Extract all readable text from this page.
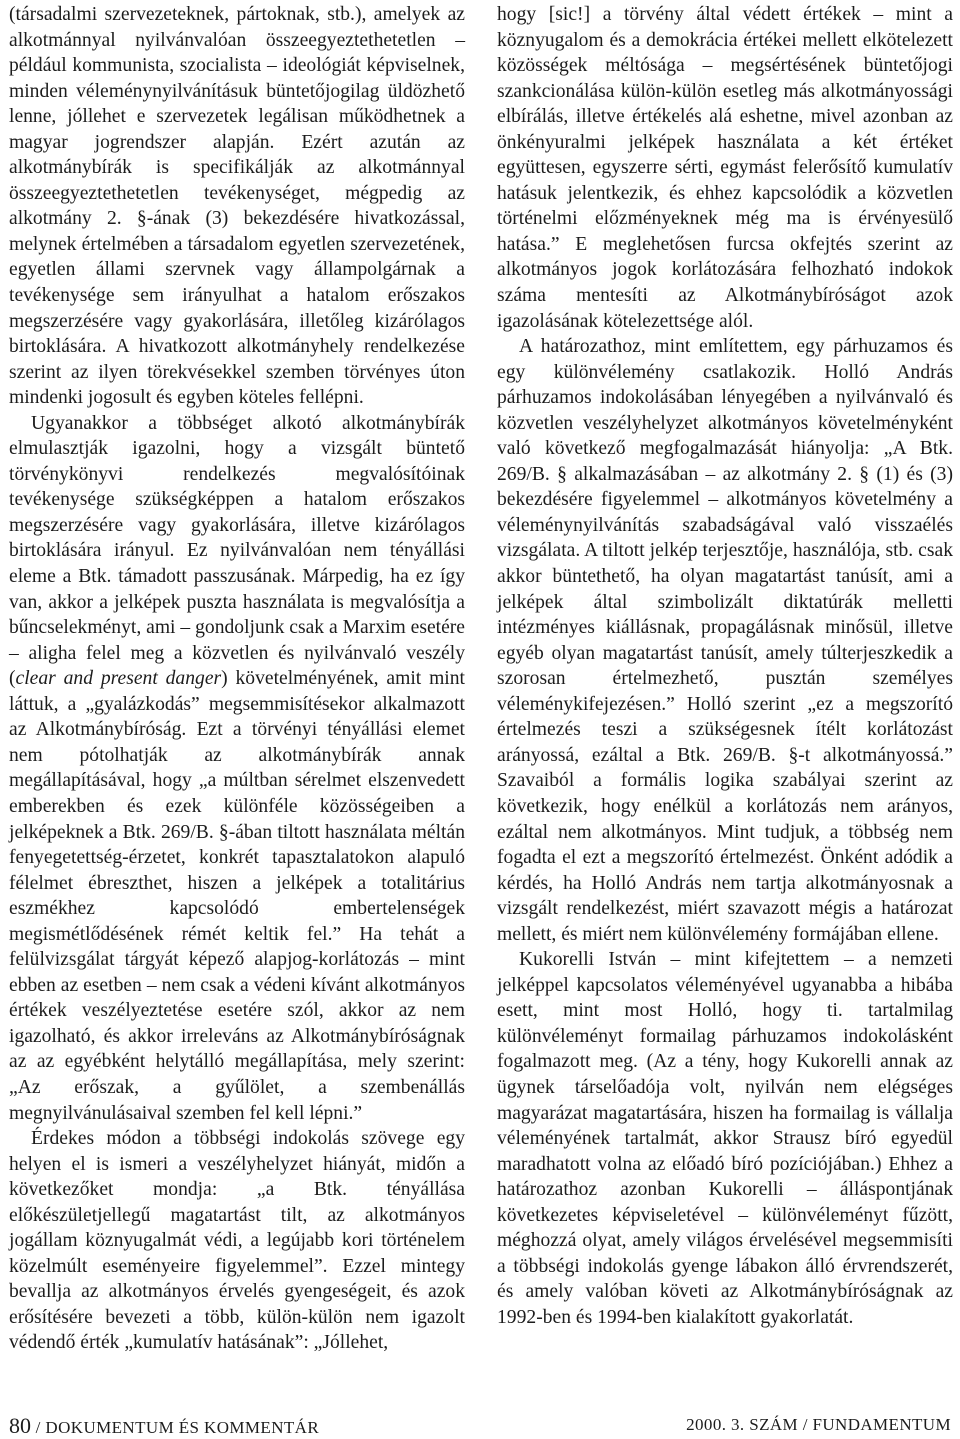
(társadalmi szervezeteknek, pártoknak, stb.), amelyek az alkotmánnyal nyilvánvalóan összeegyeztethetetlen – például kommunista, szocialista – ideológiát képviselnek, minden véleménynyilvánításuk büntetőjogilag üldözhető lenne, jóllehet e szervezetek legálisan működhetnek a magyar jogrendszer alapján. Ezért azután az alkotmánybírák is specifikálják az alkotmánnyal összeegyeztethetetlen tevékenységet, mégpedig az alkotmány 2. §-ának (3) bekezdésére hivatkozással, melynek értelmében a társadalom egyetlen szervezetének, egyetlen állami szervnek vagy állampolgárnak a tevékenysége sem irányulhat a hatalom erőszakos megszerzésére vagy gyakorlására, illetőleg kizárólagos birtoklására. A hivatkozott alkotmányhely rendelkezése szerint az ilyen törekvésekkel szemben törvényes úton mindenki jogosult és egyben köteles fellépni.

Ugyanakkor a többséget alkotó alkotmánybírák elmulasztják igazolni, hogy a vizsgált büntető törvénykönyvi rendelkezés megvalósítóinak tevékenysége szükségképpen a hatalom erőszakos megszerzésére vagy gyakorlására, illetve kizárólagos birtoklására irányul. Ez nyilvánvalóan nem tényállási eleme a Btk. támadott passzusának. Márpedig, ha ez így van, akkor a jelképek puszta használata is megvalósítja a bűncselekményt, ami – gondoljunk csak a Marxim esetére – aligha felel meg a közvetlen és nyilvánvaló veszély (clear and present danger) követelményének, amit mint láttuk, a „gyalázkodás” megsemmisítésekor alkalmazott az Alkotmánybíróság. Ezt a törvényi tényállási elemet nem pótolhatják az alkotmánybírák annak megállapításával, hogy „a múltban sérelmet elszenvedett emberekben és ezek különféle közösségeiben a jelképeknek a Btk. 269/B. §-ában tiltott használata méltán fenyegetettség-érzetet, konkrét tapasztalatokon alapuló félelmet ébreszthet, hiszen a jelképek a totalitárius eszmékhez kapcsolódó embertelenségek megismétlődésének rémét keltik fel.” Ha tehát a felülvizsgálat tárgyát képező alapjog-korlátozás – mint ebben az esetben – nem csak a védeni kívánt alkotmányos értékek veszélyeztetése esetére szól, akkor az nem igazolható, és akkor irreleváns az Alkotmánybíróságnak az az egyébként helytálló megállapítása, mely szerint: „Az erőszak, a gyűlölet, a szembenállás megnyilvánulásaival szemben fel kell lépni.”

Érdekes módon a többségi indokolás szövege egy helyen el is ismeri a veszélyhelyzet hiányát, midőn a következőket mondja: „a Btk. tényállása előkészületjellegű magatartást tilt, az alkotmányos jogállam köznyugalmát védi, a legújabb kori történelem közelmúlt eseményeire figyelemmel”. Ezzel mintegy bevallja az alkotmányos érvelés gyengeségeit, és azok erősítésére bevezeti a több, külön-külön nem igazolt védendő érték „kumulatív hatásának”: „Jóllehet,

hogy [sic!] a törvény által védett értékek – mint a köznyugalom és a demokrácia értékei mellett elkötelezett közösségek méltósága – megsértésének büntetőjogi szankcionálása külön-külön esetleg más alkotmányossági elbírálás, illetve értékelés alá eshetne, mivel azonban az önkényuralmi jelképek használata a két értéket együttesen, egyszerre sérti, egymást felerősítő kumulatív hatásuk jelentkezik, és ehhez kapcsolódik a közvetlen történelmi előzményeknek még ma is érvényesülő hatása.” E meglehetősen furcsa okfejtés szerint az alkotmányos jogok korlátozására felhozható indokok száma mentesíti az Alkotmánybíróságot azok igazolásának kötelezettsége alól.

A határozathoz, mint említettem, egy párhuzamos és egy különvélemény csatlakozik. Holló András párhuzamos indokolásában lényegében a nyilvánvaló és közvetlen veszélyhelyzet alkotmányos követelményként való következő megfogalmazását hiányolja: „A Btk. 269/B. § alkalmazásában – az alkotmány 2. § (1) és (3) bekezdésére figyelemmel – alkotmányos követelmény a véleménynyilvánítás szabadságával való visszaélés vizsgálata. A tiltott jelkép terjesztője, használója, stb. csak akkor büntethető, ha olyan magatartást tanúsít, ami a jelképek által szimbolizált diktatúrák melletti intézményes kiállásnak, propagálásnak minősül, illetve egyéb olyan magatartást tanúsít, amely túlterjeszkedik a szorosan értelmezhető, pusztán személyes véleménykifejezésen.” Holló szerint „ez a megszorító értelmezés teszi a szükségesnek ítélt korlátozást arányossá, ezáltal a Btk. 269/B. §-t alkotmányossá.” Szavaiból a formális logika szabályai szerint az következik, hogy enélkül a korlátozás nem arányos, ezáltal nem alkotmányos. Mint tudjuk, a többség nem fogadta el ezt a megszorító értelmezést. Önként adódik a kérdés, ha Holló András nem tartja alkotmányosnak a vizsgált rendelkezést, miért szavazott mégis a határozat mellett, és miért nem különvélemény formájában ellene.

Kukorelli István – mint kifejtettem – a nemzeti jelképpel kapcsolatos véleményével ugyanabba a hibába esett, mint most Holló, hogy ti. tartalmilag különvéleményt formailag párhuzamos indokolásként fogalmazott meg. (Az a tény, hogy Kukorelli annak az ügynek társelőadója volt, nyilván nem elégséges magyarázat magatartására, hiszen ha formailag is vállalja véleményének tartalmát, akkor Strausz bíró egyedül maradhatott volna az előadó bíró pozíciójában.) Ehhez a határozathoz azonban Kukorelli – álláspontjának következetes képviseletével – különvéleményt fűzött, méghozzá olyat, amely világos érvelésével megsemmisíti a többségi indokolás gyenge lábakon álló érvrendszerét, és amely valóban követi az Alkotmánybíróságnak az 1992-ben és 1994-ben kialakított gyakorlatát.

80 / DOKUMENTUM ÉS KOMMENTÁR	2000. 3. SZÁM / FUNDAMENTUM
